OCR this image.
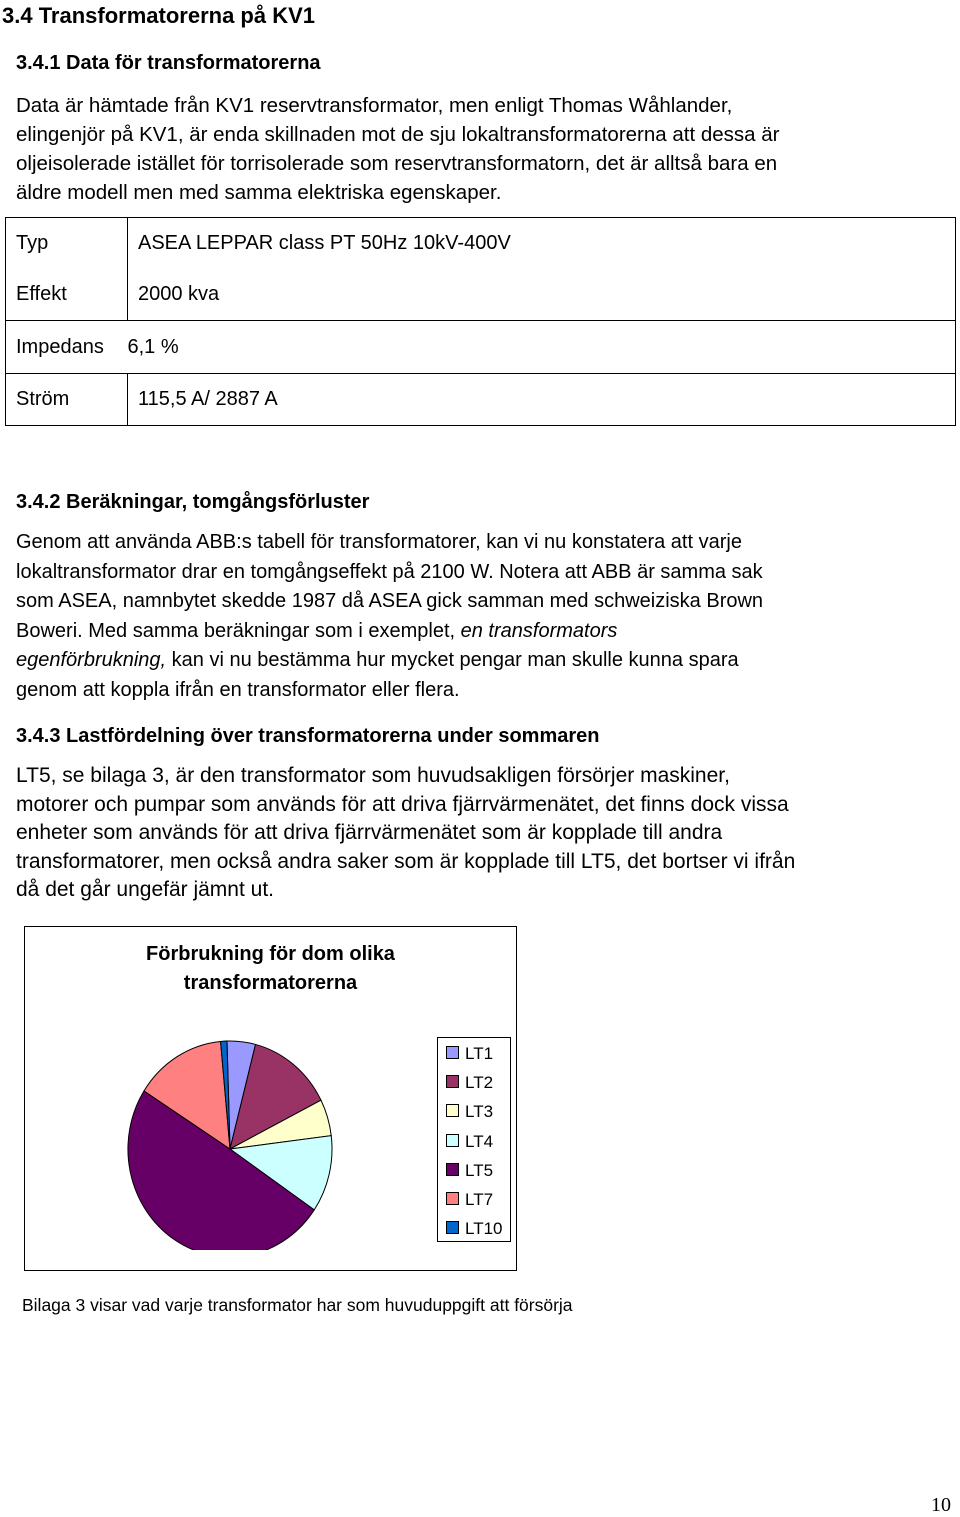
3.4 Transformatorerna på KV1
3.4.1 Data för transformatorerna
Data är hämtade från KV1 reservtransformator, men enligt Thomas Wåhlander,
elingenjör på KV1, är enda skillnaden mot de sju lokaltransformatorerna att dessa är
oljeisolerade istället för torrisolerade som reservtransformatorn, det är alltså bara en
äldre modell men med samma elektriska egenskaper.
Typ	ASEA LEPPAR class PT 50Hz 10kV-400V
Effekt	2000 kva
Impedans	6,1 %
Ström	115,5 A/ 2887 A
3.4.2 Beräkningar, tomgångsförluster
Genom att använda ABB:s tabell för transformatorer, kan vi nu konstatera att varje
lokaltransformator drar en tomgångseffekt på 2100 W. Notera att ABB är samma sak
som ASEA, namnbytet skedde 1987 då ASEA gick samman med schweiziska Brown
Boweri. Med samma beräkningar som i exemplet, en transformators
egenförbrukning, kan vi nu bestämma hur mycket pengar man skulle kunna spara
genom att koppla ifrån en transformator eller flera.
3.4.3 Lastfördelning över transformatorerna under sommaren
LT5, se bilaga 3, är den transformator som huvudsakligen försörjer maskiner,
motorer och pumpar som används för att driva fjärrvärmenätet, det finns dock vissa
enheter som används för att driva fjärrvärmenätet som är kopplade till andra
transformatorer, men också andra saker som är kopplade till LT5, det bortser vi ifrån
då det går ungefär jämnt ut.
Förbrukning för dom olika
transformatorerna
LT1
LT2
LT3
LT4
LT5
LT7
LT10
Bilaga 3 visar vad varje transformator har som huvuduppgift att försörja
10
